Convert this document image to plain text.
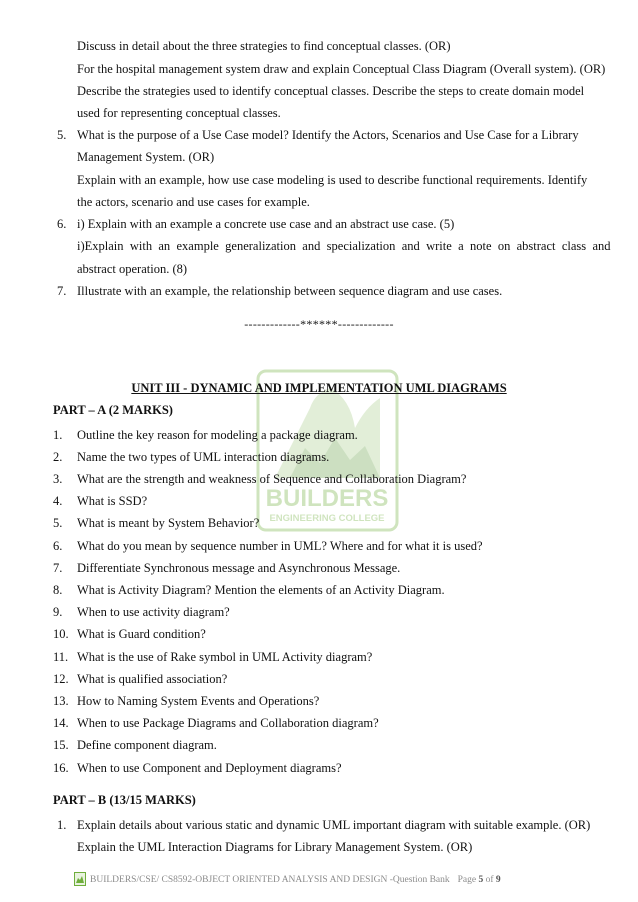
BUILDERS
ENGINEERING COLLEGE
Discuss in detail about the three strategies to find conceptual classes. (OR)
For the hospital management system draw and explain Conceptual Class Diagram (Overall system). (OR)
Describe the strategies used to identify conceptual classes. Describe the steps to create domain model
used for representing conceptual classes.
5. What is the purpose of a Use Case model? Identify the Actors, Scenarios and Use Case for a Library
Management System. (OR)
Explain with an example, how use case modeling is used to describe functional requirements. Identify
the actors, scenario and use cases for example.
6. i) Explain with an example a concrete use case and an abstract use case. (5)
i)Explain with an example generalization and specialization and write a note on abstract class and
abstract operation. (8)
7. Illustrate with an example, the relationship between sequence diagram and use cases.
-------------******-------------
UNIT III - DYNAMIC AND IMPLEMENTATION UML DIAGRAMS
PART – A (2 MARKS)
1. Outline the key reason for modeling a package diagram.
2. Name the two types of UML interaction diagrams.
3. What are the strength and weakness of Sequence and Collaboration Diagram?
4. What is SSD?
5. What is meant by System Behavior?
6. What do you mean by sequence number in UML? Where and for what it is used?
7. Differentiate Synchronous message and Asynchronous Message.
8. What is Activity Diagram? Mention the elements of an Activity Diagram.
9. When to use activity diagram?
10. What is Guard condition?
11. What is the use of Rake symbol in UML Activity diagram?
12. What is qualified association?
13. How to Naming System Events and Operations?
14. When to use Package Diagrams and Collaboration diagram?
15. Define component diagram.
16. When to use Component and Deployment diagrams?
PART – B (13/15 MARKS)
1. Explain details about various static and dynamic UML important diagram with suitable example. (OR)
Explain the UML Interaction Diagrams for Library Management System. (OR)
BUILDERS/CSE/ CS8592-OBJECT ORIENTED ANALYSIS AND DESIGN -Question Bank Page 5 of 9
